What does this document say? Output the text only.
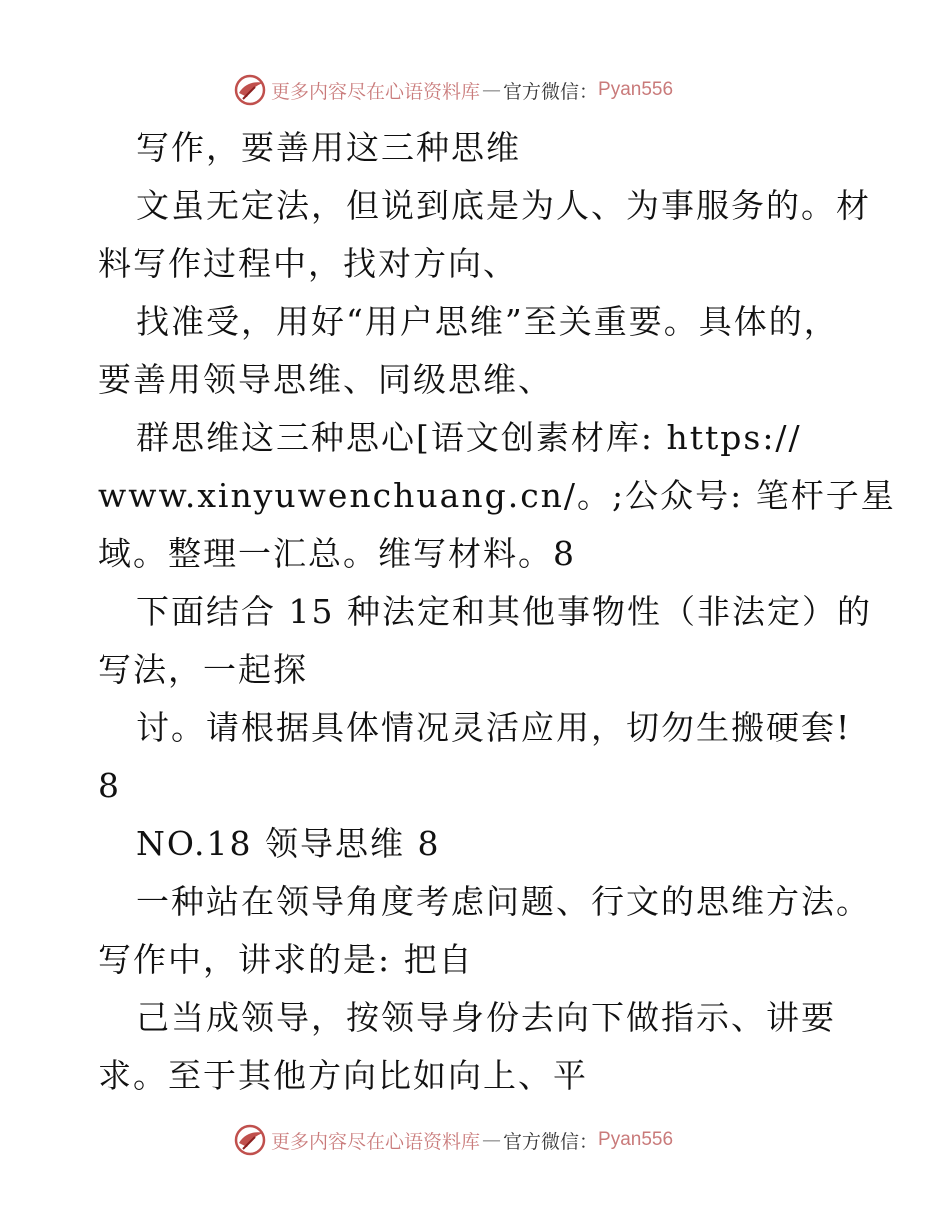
更多内容尽在心语资料库 — 官方微信： Pyan556
写作，要善用这三种思维
文虽无定法，但说到底是为人、为事服务的。材
料写作过程中，找对方向、
找准受，用好“用户思维”至关重要。具体的，
要善用领导思维、同级思维、
群思维这三种思心[语文创素材库: https://
www.xinyuwenchuang.cn/。;公众号: 笔杆子星
域。整理一汇总。维写材料。8
下面结合 15 种法定和其他事物性（非法定）的
写法，一起探
讨。请根据具体情况灵活应用，切勿生搬硬套!
8
NO.18 领导思维 8
一种站在领导角度考虑问题、行文的思维方法。
写作中，讲求的是: 把自
己当成领导，按领导身份去向下做指示、讲要
求。至于其他方向比如向上、平
更多内容尽在心语资料库 — 官方微信： Pyan556
